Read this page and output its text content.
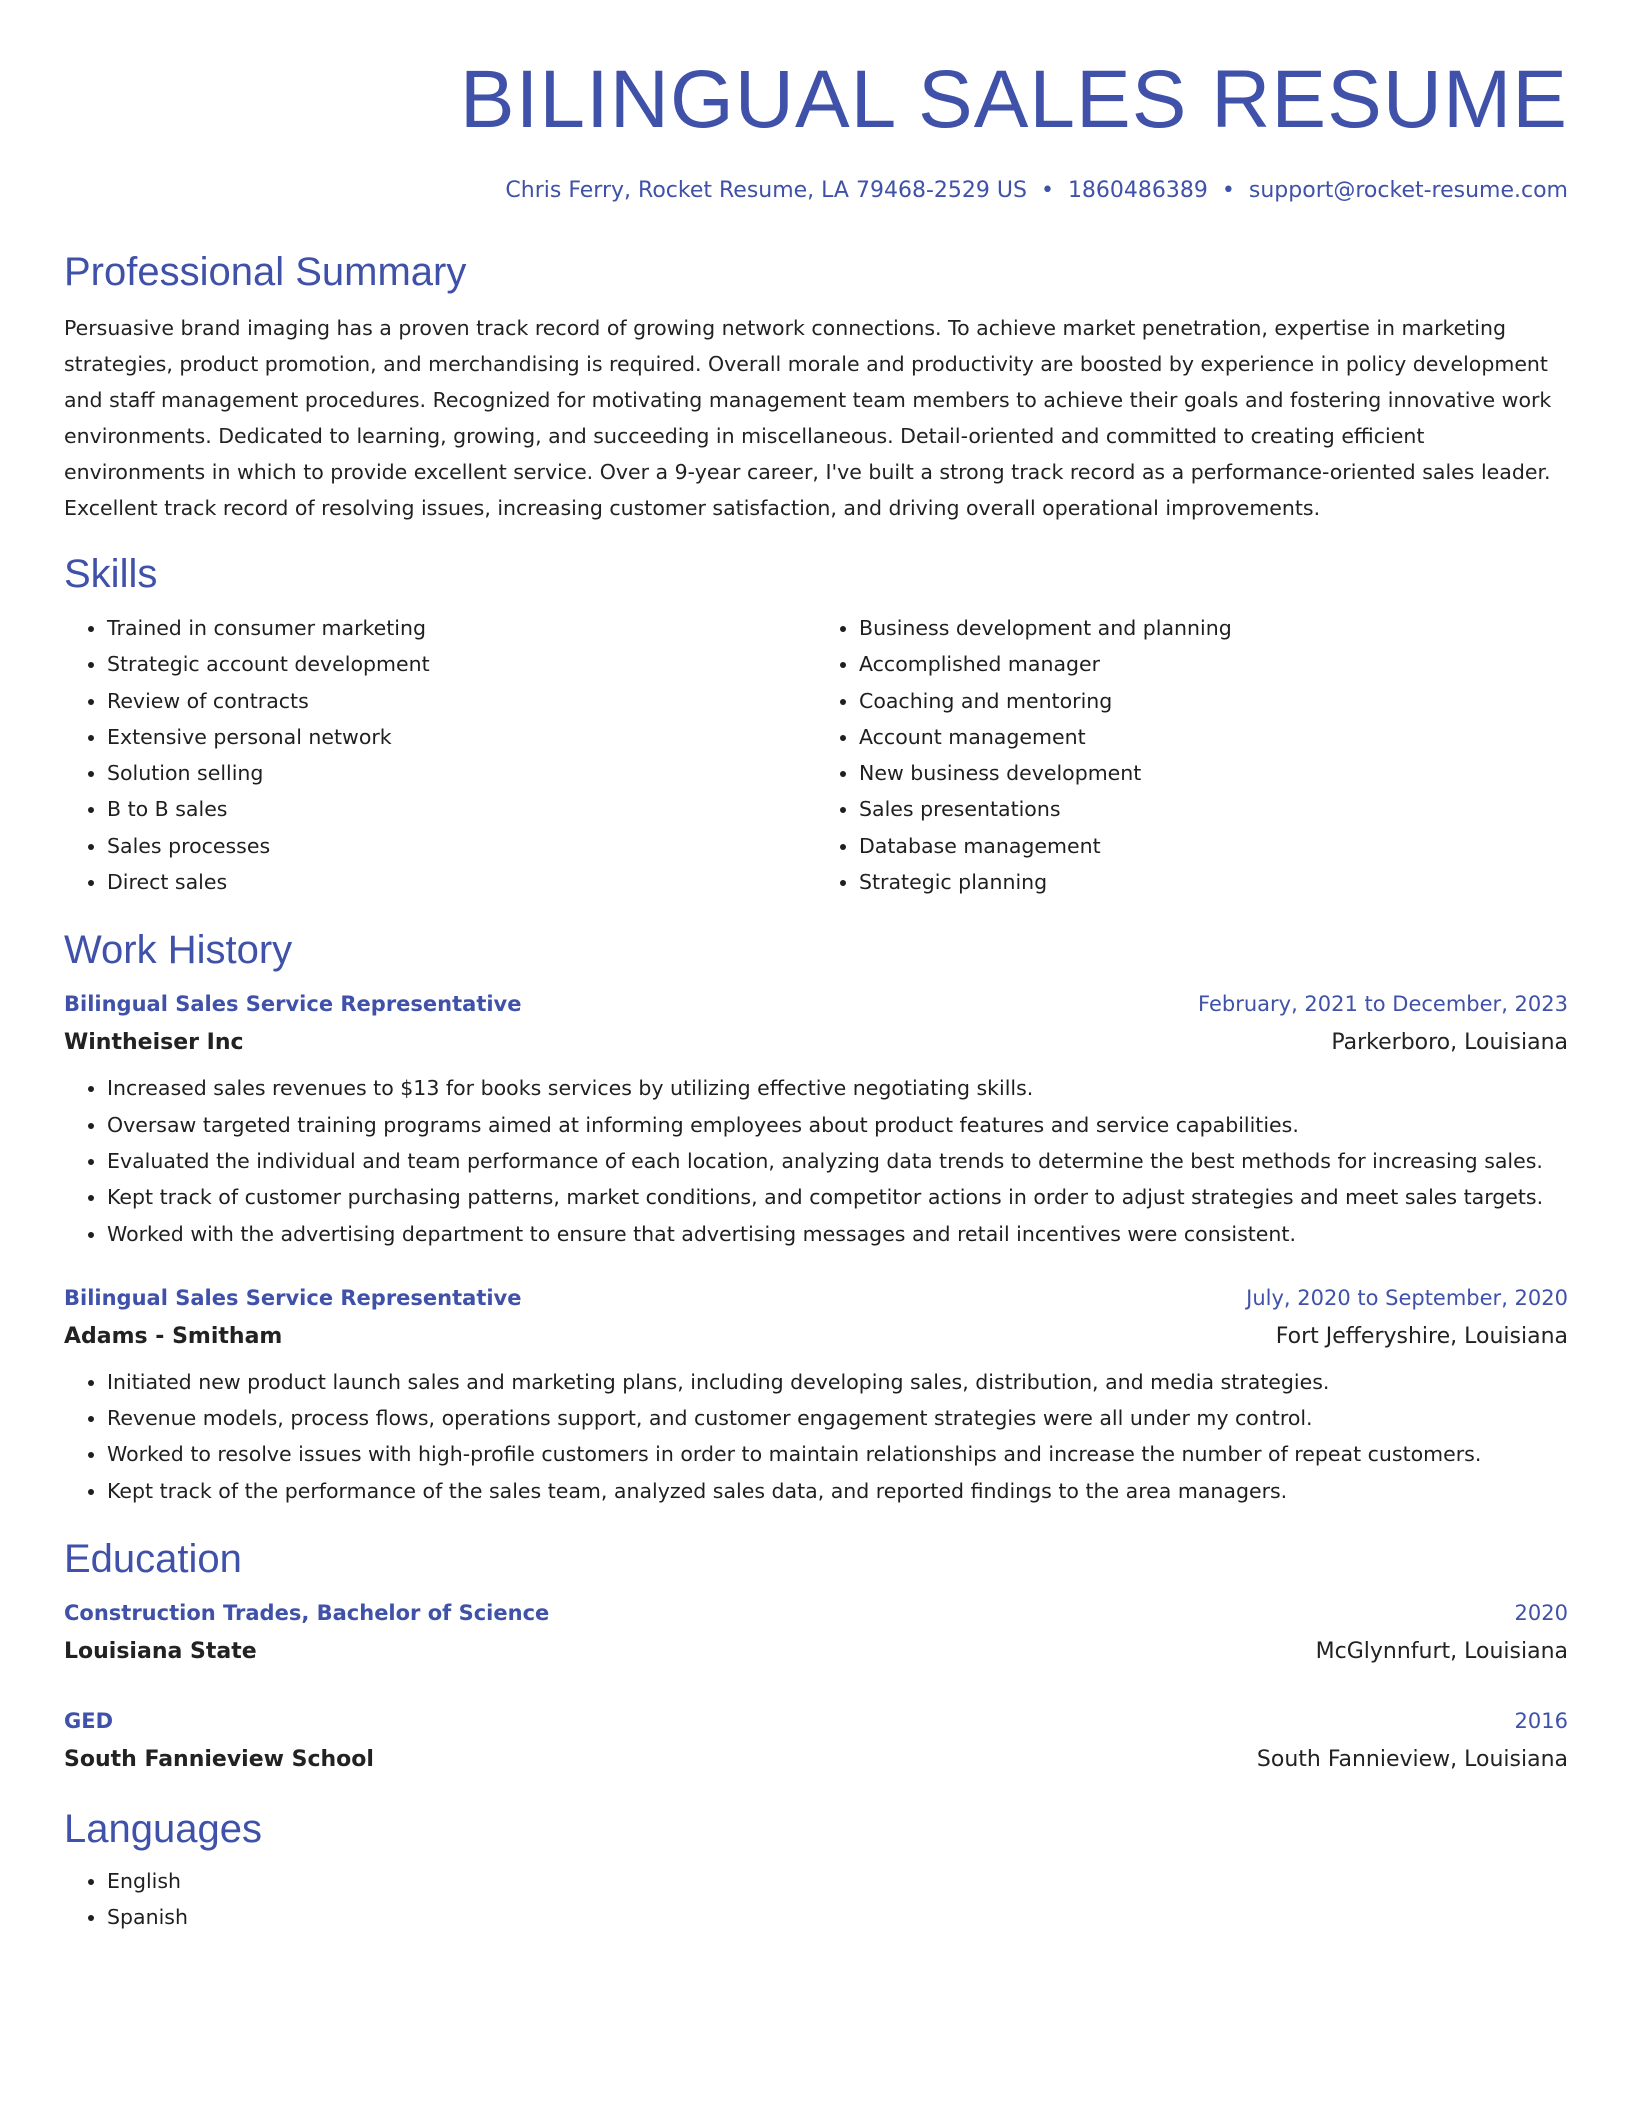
BILINGUAL SALES RESUME
Chris Ferry, Rocket Resume, LA 79468-2529 US • 1860486389 • support@rocket-resume.com
Professional Summary

Persuasive brand imaging has a proven track record of growing network connections. To achieve market penetration, expertise in marketing strategies, product promotion, and merchandising is required. Overall morale and productivity are boosted by experience in policy development and staff management procedures. Recognized for motivating management team members to achieve their goals and fostering innovative work environments. Dedicated to learning, growing, and succeeding in miscellaneous. Detail-oriented and committed to creating efficient environments in which to provide excellent service. Over a 9-year career, I've built a strong track record as a performance-oriented sales leader. Excellent track record of resolving issues, increasing customer satisfaction, and driving overall operational improvements.

Skills
• Trained in consumer marketing
• Strategic account development
• Review of contracts
• Extensive personal network
• Solution selling
• B to B sales
• Sales processes
• Direct sales
• Business development and planning
• Accomplished manager
• Coaching and mentoring
• Account management
• New business development
• Sales presentations
• Database management
• Strategic planning
Work History
Bilingual Sales Service Representative	February, 2021 to December, 2023
Wintheiser Inc	Parkerboro, Louisiana
• Increased sales revenues to $13 for books services by utilizing effective negotiating skills.
• Oversaw targeted training programs aimed at informing employees about product features and service capabilities.
• Evaluated the individual and team performance of each location, analyzing data trends to determine the best methods for increasing sales.
• Kept track of customer purchasing patterns, market conditions, and competitor actions in order to adjust strategies and meet sales targets.
• Worked with the advertising department to ensure that advertising messages and retail incentives were consistent.
Bilingual Sales Service Representative	July, 2020 to September, 2020
Adams - Smitham	Fort Jefferyshire, Louisiana
• Initiated new product launch sales and marketing plans, including developing sales, distribution, and media strategies.
• Revenue models, process flows, operations support, and customer engagement strategies were all under my control.
• Worked to resolve issues with high-profile customers in order to maintain relationships and increase the number of repeat customers.
• Kept track of the performance of the sales team, analyzed sales data, and reported findings to the area managers.
Education
Construction Trades, Bachelor of Science	2020
Louisiana State	McGlynnfurt, Louisiana
GED	2016
South Fannieview School	South Fannieview, Louisiana
Languages
• English
• Spanish
